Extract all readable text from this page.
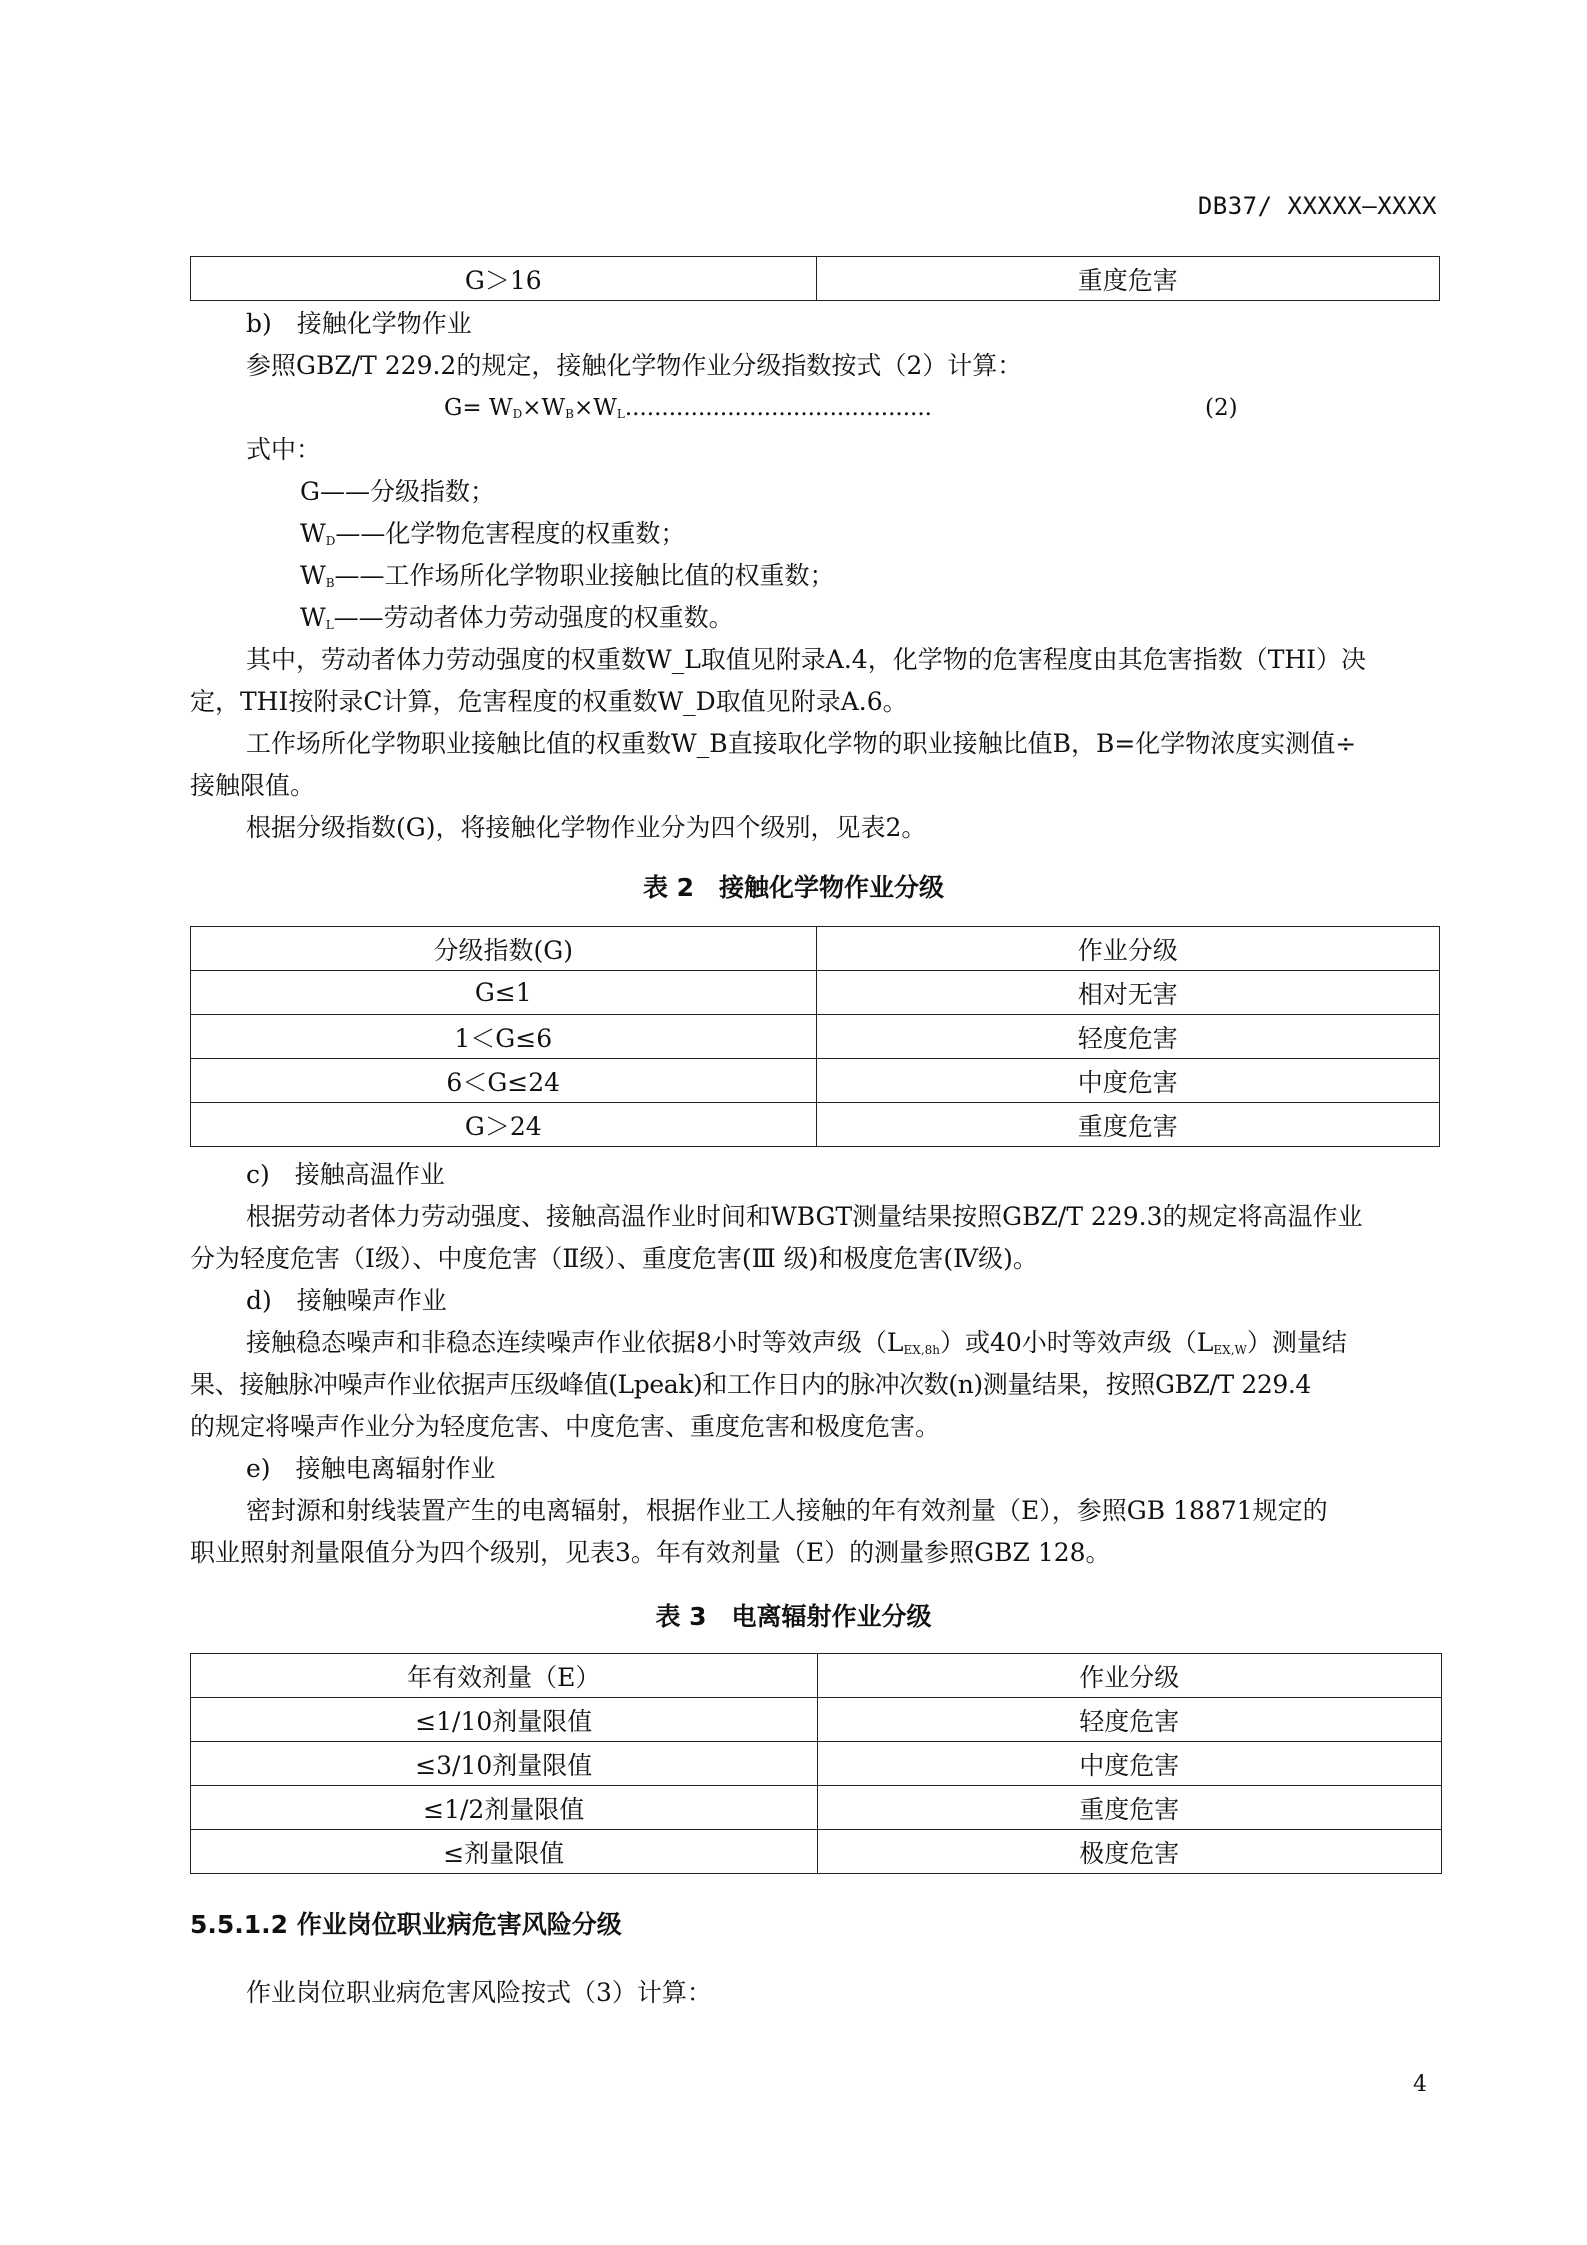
DB37/ XXXXX—XXXX
G＞16	重度危害
b)　接触化学物作业
参照GBZ/T 229.2的规定，接触化学物作业分级指数按式（2）计算：
$G= W_D\times W_B\times W_L$..........................................	(2)
式中：
G——分级指数；
$W_D——$化学物危害程度的权重数；
$W_B——$工作场所化学物职业接触比值的权重数；
$W_L——$劳动者体力劳动强度的权重数。
其中，劳动者体力劳动强度的权重数W_L取值见附录A.4，化学物的危害程度由其危害指数（THI）决
定，THI按附录C计算，危害程度的权重数W_D取值见附录A.6。
工作场所化学物职业接触比值的权重数W_B直接取化学物的职业接触比值B，B=化学物浓度实测值÷
接触限值。
根据分级指数(G)，将接触化学物作业分为四个级别，见表2。
表 2　接触化学物作业分级
分级指数(G)	作业分级
G≤1	相对无害
1＜G≤6	轻度危害
6＜G≤24	中度危害
G＞24	重度危害
c)　接触高温作业
根据劳动者体力劳动强度、接触高温作业时间和WBGT测量结果按照GBZ/T 229.3的规定将高温作业
分为轻度危害（Ⅰ级）、中度危害（Ⅱ级）、重度危害(Ⅲ 级)和极度危害(Ⅳ级)。
d)　接触噪声作业
接触稳态噪声和非稳态连续噪声作业依据8小时等效声级$(L_{EX,8h})$或40小时等效声级$(L_{EX,W})$测量结
果、接触脉冲噪声作业依据声压级峰值(Lpeak)和工作日内的脉冲次数(n)测量结果，按照GBZ/T 229.4
的规定将噪声作业分为轻度危害、中度危害、重度危害和极度危害。
e)　接触电离辐射作业
密封源和射线装置产生的电离辐射，根据作业工人接触的年有效剂量（E），参照GB 18871规定的
职业照射剂量限值分为四个级别，见表3。年有效剂量（E）的测量参照GBZ 128。
表 3　电离辐射作业分级
年有效剂量（E）	作业分级
≤1/10剂量限值	轻度危害
≤3/10剂量限值	中度危害
≤1/2剂量限值	重度危害
≤剂量限值	极度危害
5.5.1.2 作业岗位职业病危害风险分级
作业岗位职业病危害风险按式（3）计算：
4
